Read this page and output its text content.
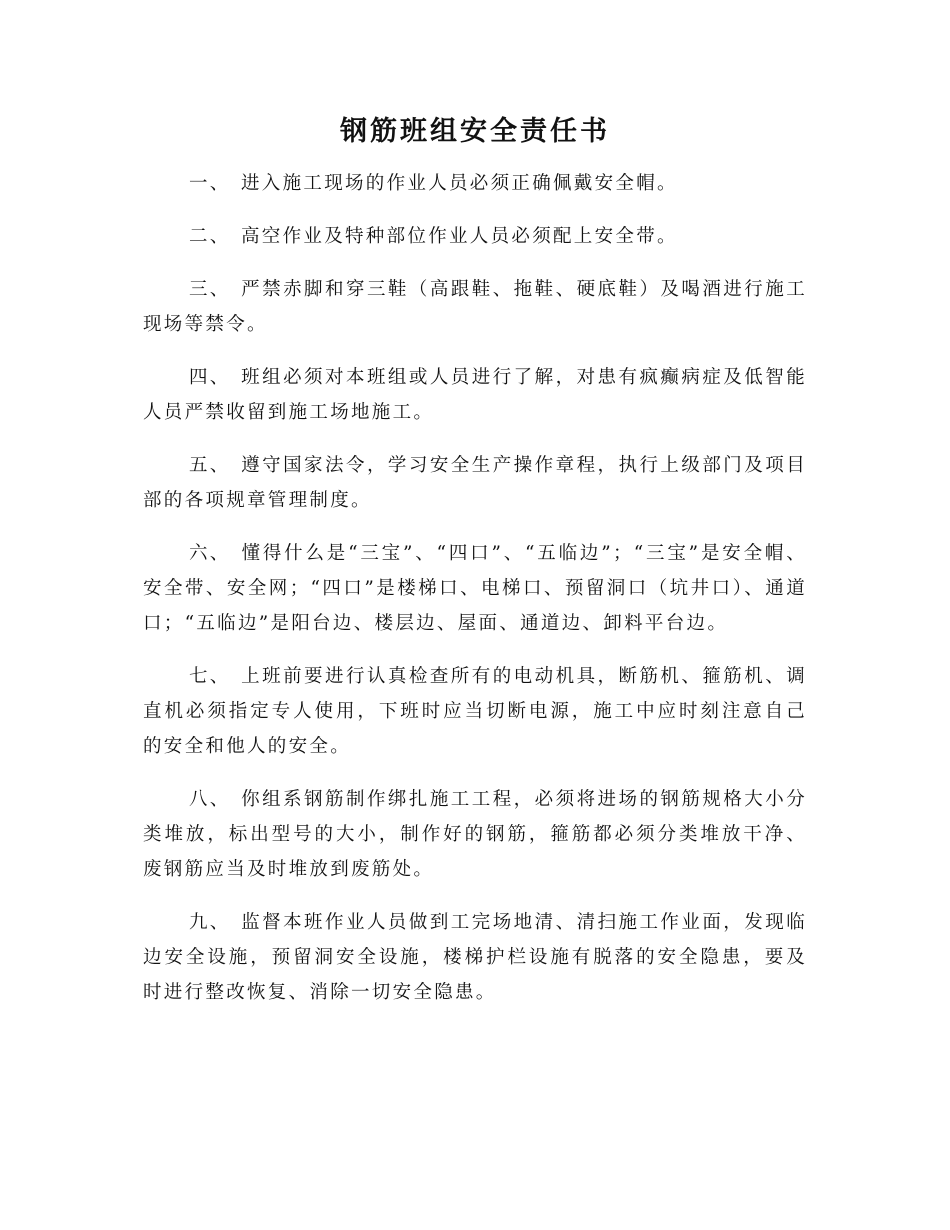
钢筋班组安全责任书

一、 进入施工现场的作业人员必须正确佩戴安全帽。

二、 高空作业及特种部位作业人员必须配上安全带。

三、 严禁赤脚和穿三鞋（高跟鞋、拖鞋、硬底鞋）及喝酒进行施工现场等禁令。

四、 班组必须对本班组或人员进行了解，对患有疯癫病症及低智能人员严禁收留到施工场地施工。

五、 遵守国家法令，学习安全生产操作章程，执行上级部门及项目部的各项规章管理制度。

六、 懂得什么是“三宝”、“四口”、“五临边”；“三宝”是安全帽、安全带、安全网；“四口”是楼梯口、电梯口、预留洞口（坑井口）、通道口；“五临边”是阳台边、楼层边、屋面、通道边、卸料平台边。

七、 上班前要进行认真检查所有的电动机具，断筋机、箍筋机、调直机必须指定专人使用，下班时应当切断电源，施工中应时刻注意自己的安全和他人的安全。

八、 你组系钢筋制作绑扎施工工程，必须将进场的钢筋规格大小分类堆放，标出型号的大小，制作好的钢筋，箍筋都必须分类堆放干净、废钢筋应当及时堆放到废筋处。

九、 监督本班作业人员做到工完场地清、清扫施工作业面，发现临边安全设施，预留洞安全设施，楼梯护栏设施有脱落的安全隐患，要及时进行整改恢复、消除一切安全隐患。
